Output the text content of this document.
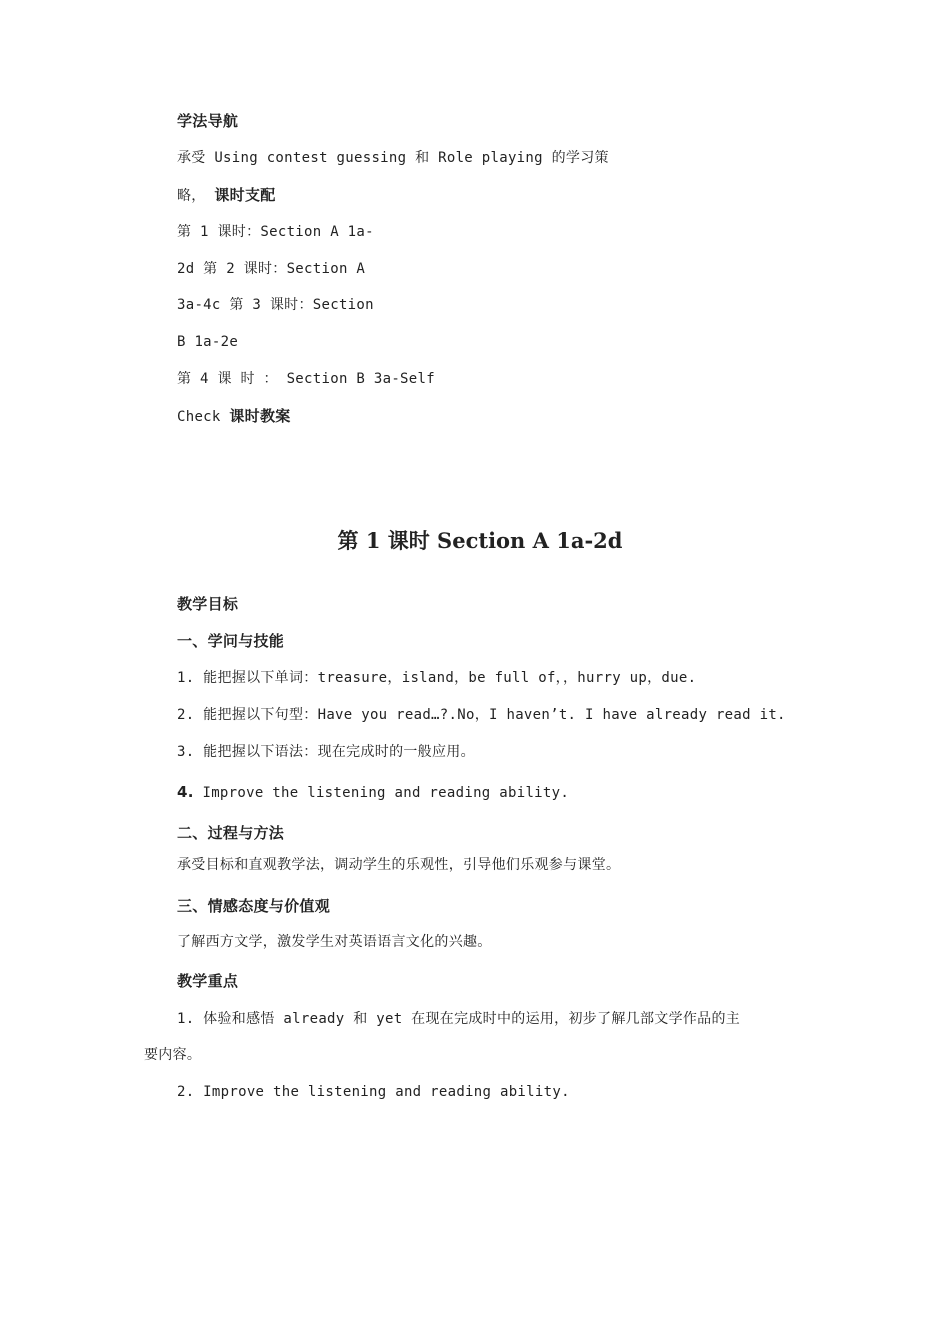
学法导航
承受 Using contest guessing 和 Role playing 的学习策
略， 课时支配
第 1 课时：Section A 1a-
2d 第 2 课时：Section A
3a-4c 第 3 课时：Section
B 1a-2e
第 4 课 时 ： Section B 3a-Self
Check 课时教案
第 1 课时 Section A 1a-2d
教学目标
一、学问与技能
1. 能把握以下单词：treasure，island，be full of，，hurry up，due.
2. 能把握以下句型：Have you read…?.No，I haven’t. I have already read it.
3. 能把握以下语法：现在完成时的一般应用。
4. Improve the listening and reading ability.
二、过程与方法
承受目标和直观教学法，调动学生的乐观性，引导他们乐观参与课堂。
三、情感态度与价值观
了解西方文学，激发学生对英语语言文化的兴趣。
教学重点
1. 体验和感悟 already 和 yet 在现在完成时中的运用，初步了解几部文学作品的主
要内容。
2. Improve the listening and reading ability.
